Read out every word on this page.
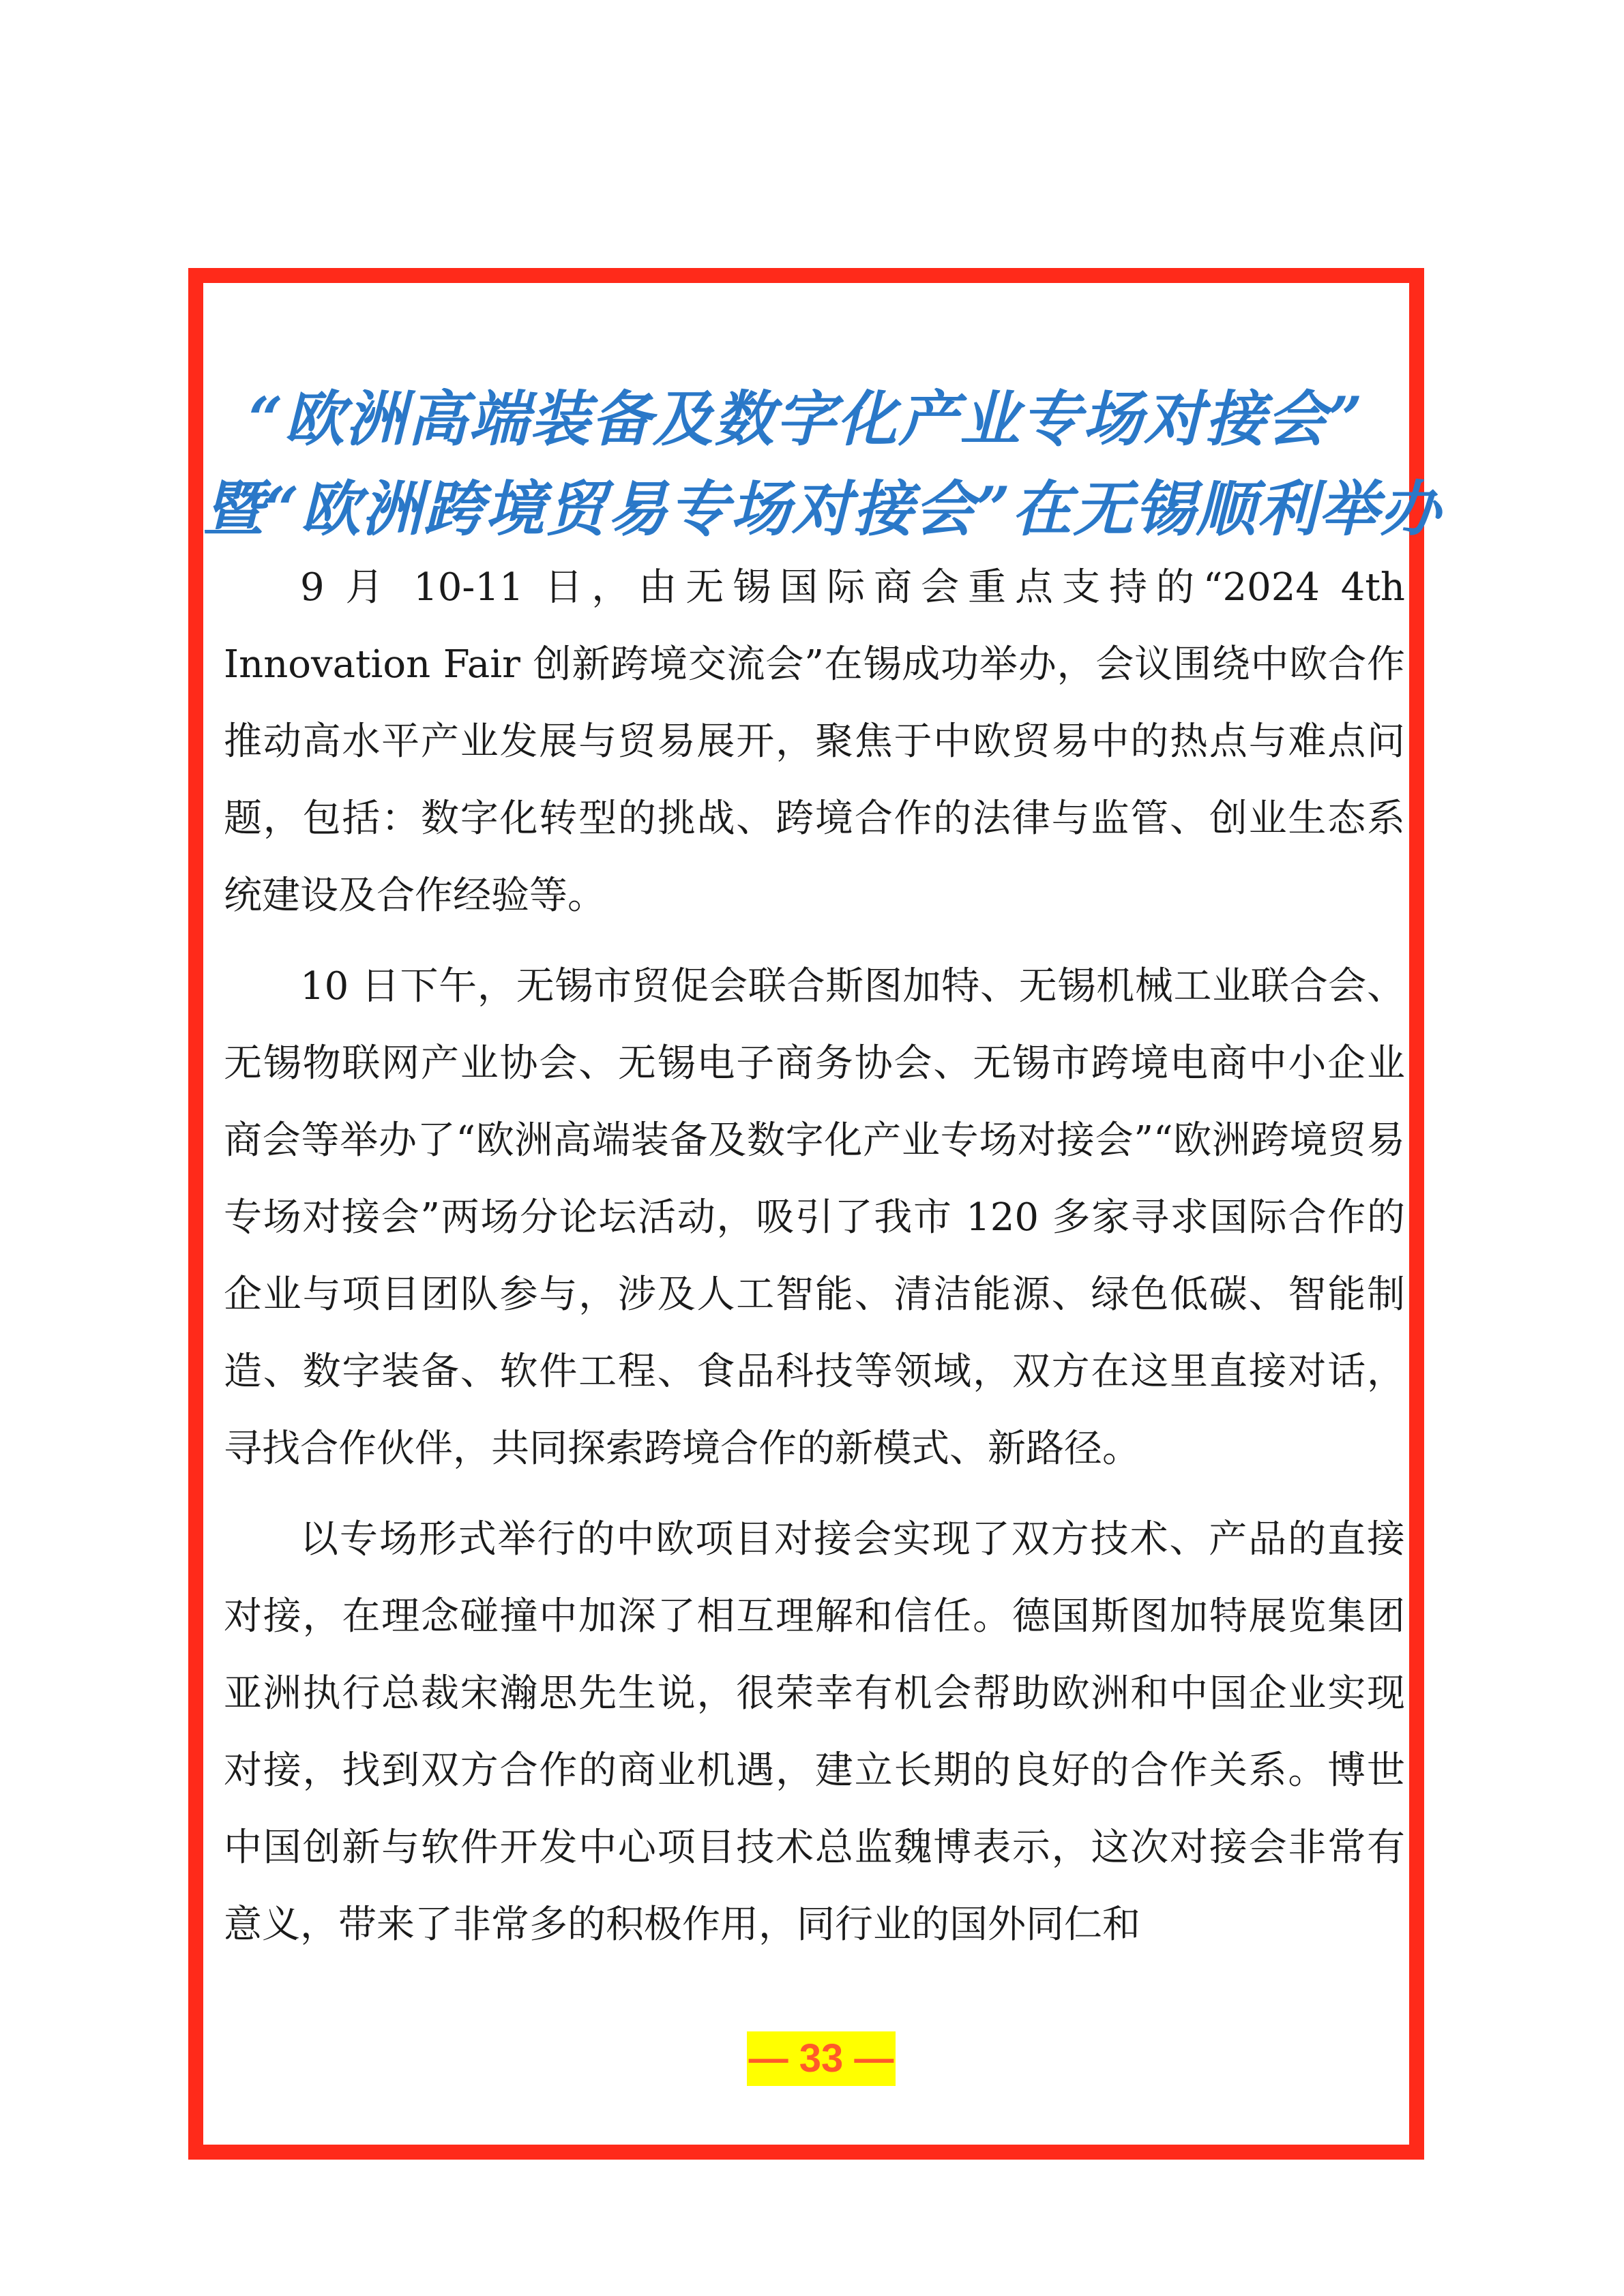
“欧洲高端装备及数字化产业专场对接会”
暨“欧洲跨境贸易专场对接会”在无锡顺利举办

9 月 10-11 日，由无锡国际商会重点支持的“2024 4th Innovation Fair 创新跨境交流会”在锡成功举办，会议围绕中欧合作推动高水平产业发展与贸易展开，聚焦于中欧贸易中的热点与难点问题，包括：数字化转型的挑战、跨境合作的法律与监管、创业生态系统建设及合作经验等。

10 日下午，无锡市贸促会联合斯图加特、无锡机械工业联合会、无锡物联网产业协会、无锡电子商务协会、无锡市跨境电商中小企业商会等举办了“欧洲高端装备及数字化产业专场对接会”“欧洲跨境贸易专场对接会”两场分论坛活动，吸引了我市 120 多家寻求国际合作的企业与项目团队参与，涉及人工智能、清洁能源、绿色低碳、智能制造、数字装备、软件工程、食品科技等领域，双方在这里直接对话，寻找合作伙伴，共同探索跨境合作的新模式、新路径。

以专场形式举行的中欧项目对接会实现了双方技术、产品的直接对接，在理念碰撞中加深了相互理解和信任。德国斯图加特展览集团亚洲执行总裁宋瀚思先生说，很荣幸有机会帮助欧洲和中国企业实现对接，找到双方合作的商业机遇，建立长期的良好的合作关系。博世中国创新与软件开发中心项目技术总监魏博表示，这次对接会非常有意义，带来了非常多的积极作用，同行业的国外同仁和

— 33 —
